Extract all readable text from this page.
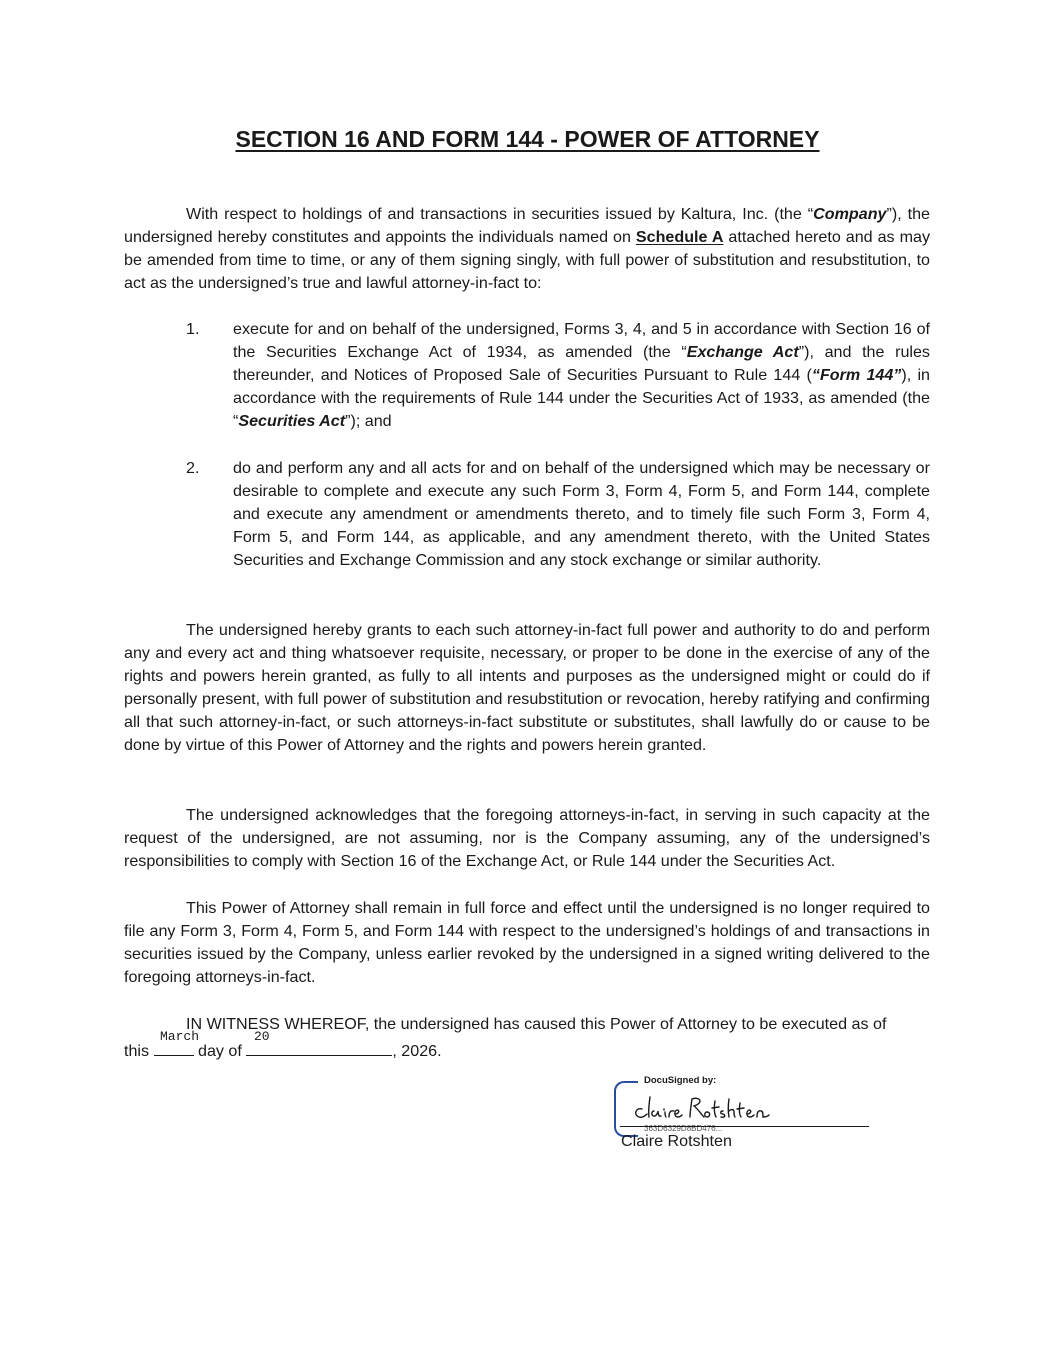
SECTION 16 AND FORM 144 - POWER OF ATTORNEY

With respect to holdings of and transactions in securities issued by Kaltura, Inc. (the “Company”), the undersigned hereby constitutes and appoints the individuals named on Schedule A attached hereto and as may be amended from time to time, or any of them signing singly, with full power of substitution and resubstitution, to act as the undersigned’s true and lawful attorney-in-fact to:

1.	execute for and on behalf of the undersigned, Forms 3, 4, and 5 in accordance with Section 16 of the Securities Exchange Act of 1934, as amended (the “Exchange Act”), and the rules thereunder, and Notices of Proposed Sale of Securities Pursuant to Rule 144 (“Form 144”), in accordance with the requirements of Rule 144 under the Securities Act of 1933, as amended (the “Securities Act”); and

2.	do and perform any and all acts for and on behalf of the undersigned which may be necessary or desirable to complete and execute any such Form 3, Form 4, Form 5, and Form 144, complete and execute any amendment or amendments thereto, and to timely file such Form 3, Form 4, Form 5, and Form 144, as applicable, and any amendment thereto, with the United States Securities and Exchange Commission and any stock exchange or similar authority.

The undersigned hereby grants to each such attorney-in-fact full power and authority to do and perform any and every act and thing whatsoever requisite, necessary, or proper to be done in the exercise of any of the rights and powers herein granted, as fully to all intents and purposes as the undersigned might or could do if personally present, with full power of substitution and resubstitution or revocation, hereby ratifying and confirming all that such attorney-in-fact, or such attorneys-in-fact substitute or substitutes, shall lawfully do or cause to be done by virtue of this Power of Attorney and the rights and powers herein granted.

The undersigned acknowledges that the foregoing attorneys-in-fact, in serving in such capacity at the request of the undersigned, are not assuming, nor is the Company assuming, any of the undersigned’s responsibilities to comply with Section 16 of the Exchange Act, or Rule 144 under the Securities Act.

This Power of Attorney shall remain in full force and effect until the undersigned is no longer required to file any Form 3, Form 4, Form 5, and Form 144 with respect to the undersigned’s holdings of and transactions in securities issued by the Company, unless earlier revoked by the undersigned in a signed writing delivered to the foregoing attorneys-in-fact.

IN WITNESS WHEREOF, the undersigned has caused this Power of Attorney to be executed as of

this	day of	, 2026.
March	20
DocuSigned by:
363D6329D8BD476...
Claire Rotshten
